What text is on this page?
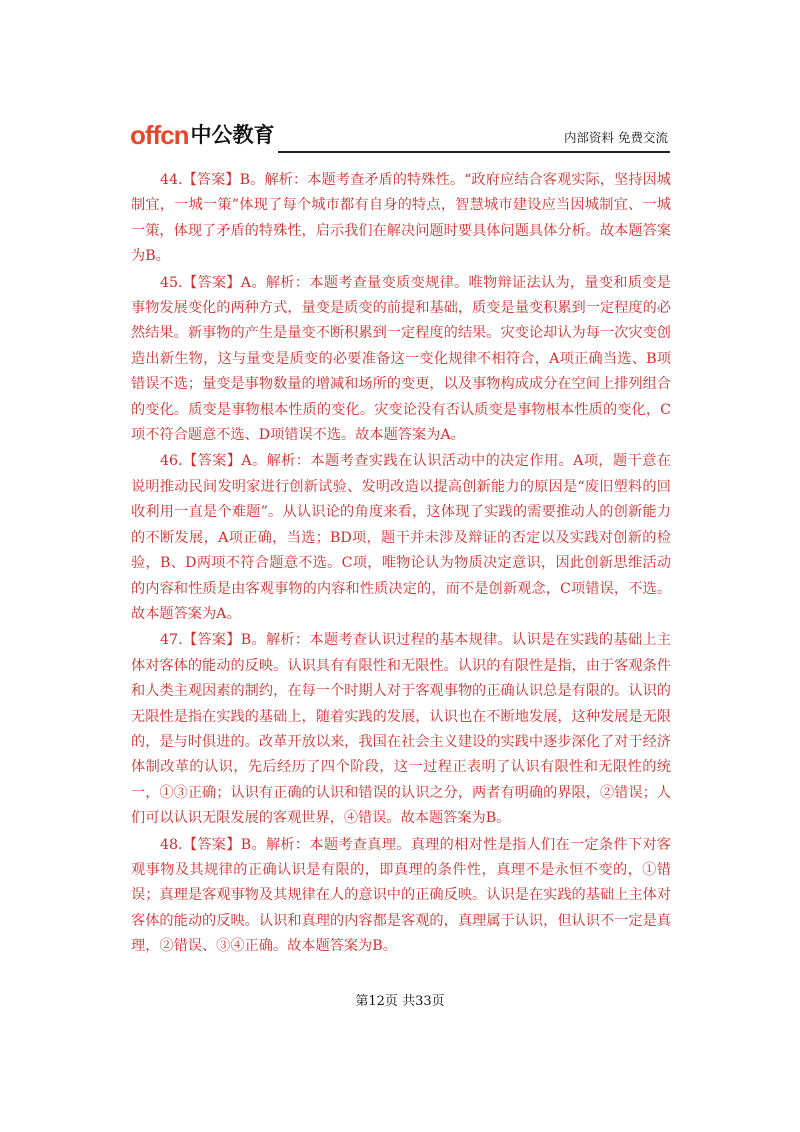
offcn 中公教育	内部资料 免费交流

44.【答案】B。解析：本题考查矛盾的特殊性。“政府应结合客观实际，坚持因城制宜，一城一策”体现了每个城市都有自身的特点，智慧城市建设应当因城制宜、一城一策，体现了矛盾的特殊性，启示我们在解决问题时要具体问题具体分析。故本题答案为B。

45.【答案】A。解析：本题考查量变质变规律。唯物辩证法认为，量变和质变是事物发展变化的两种方式，量变是质变的前提和基础，质变是量变积累到一定程度的必然结果。新事物的产生是量变不断积累到一定程度的结果。灾变论却认为每一次灾变创造出新生物，这与量变是质变的必要准备这一变化规律不相符合，A项正确当选、B项错误不选；量变是事物数量的增减和场所的变更，以及事物构成成分在空间上排列组合的变化。质变是事物根本性质的变化。灾变论没有否认质变是事物根本性质的变化，C项不符合题意不选、D项错误不选。故本题答案为A。

46.【答案】A。解析：本题考查实践在认识活动中的决定作用。A项，题干意在说明推动民间发明家进行创新试验、发明改造以提高创新能力的原因是“废旧塑料的回收利用一直是个难题”。从认识论的角度来看，这体现了实践的需要推动人的创新能力的不断发展，A项正确，当选；BD项，题干并未涉及辩证的否定以及实践对创新的检验，B、D两项不符合题意不选。C项，唯物论认为物质决定意识，因此创新思维活动的内容和性质是由客观事物的内容和性质决定的，而不是创新观念，C项错误，不选。故本题答案为A。

47.【答案】B。解析：本题考查认识过程的基本规律。认识是在实践的基础上主体对客体的能动的反映。认识具有有限性和无限性。认识的有限性是指，由于客观条件和人类主观因素的制约，在每一个时期人对于客观事物的正确认识总是有限的。认识的无限性是指在实践的基础上，随着实践的发展，认识也在不断地发展，这种发展是无限的，是与时俱进的。改革开放以来，我国在社会主义建设的实践中逐步深化了对于经济体制改革的认识，先后经历了四个阶段，这一过程正表明了认识有限性和无限性的统一，①③正确；认识有正确的认识和错误的认识之分，两者有明确的界限，②错误；人们可以认识无限发展的客观世界，④错误。故本题答案为B。

48.【答案】B。解析：本题考查真理。真理的相对性是指人们在一定条件下对客观事物及其规律的正确认识是有限的，即真理的条件性，真理不是永恒不变的，①错误；真理是客观事物及其规律在人的意识中的正确反映。认识是在实践的基础上主体对客体的能动的反映。认识和真理的内容都是客观的，真理属于认识，但认识不一定是真理，②错误、③④正确。故本题答案为B。

第12页 共33页
